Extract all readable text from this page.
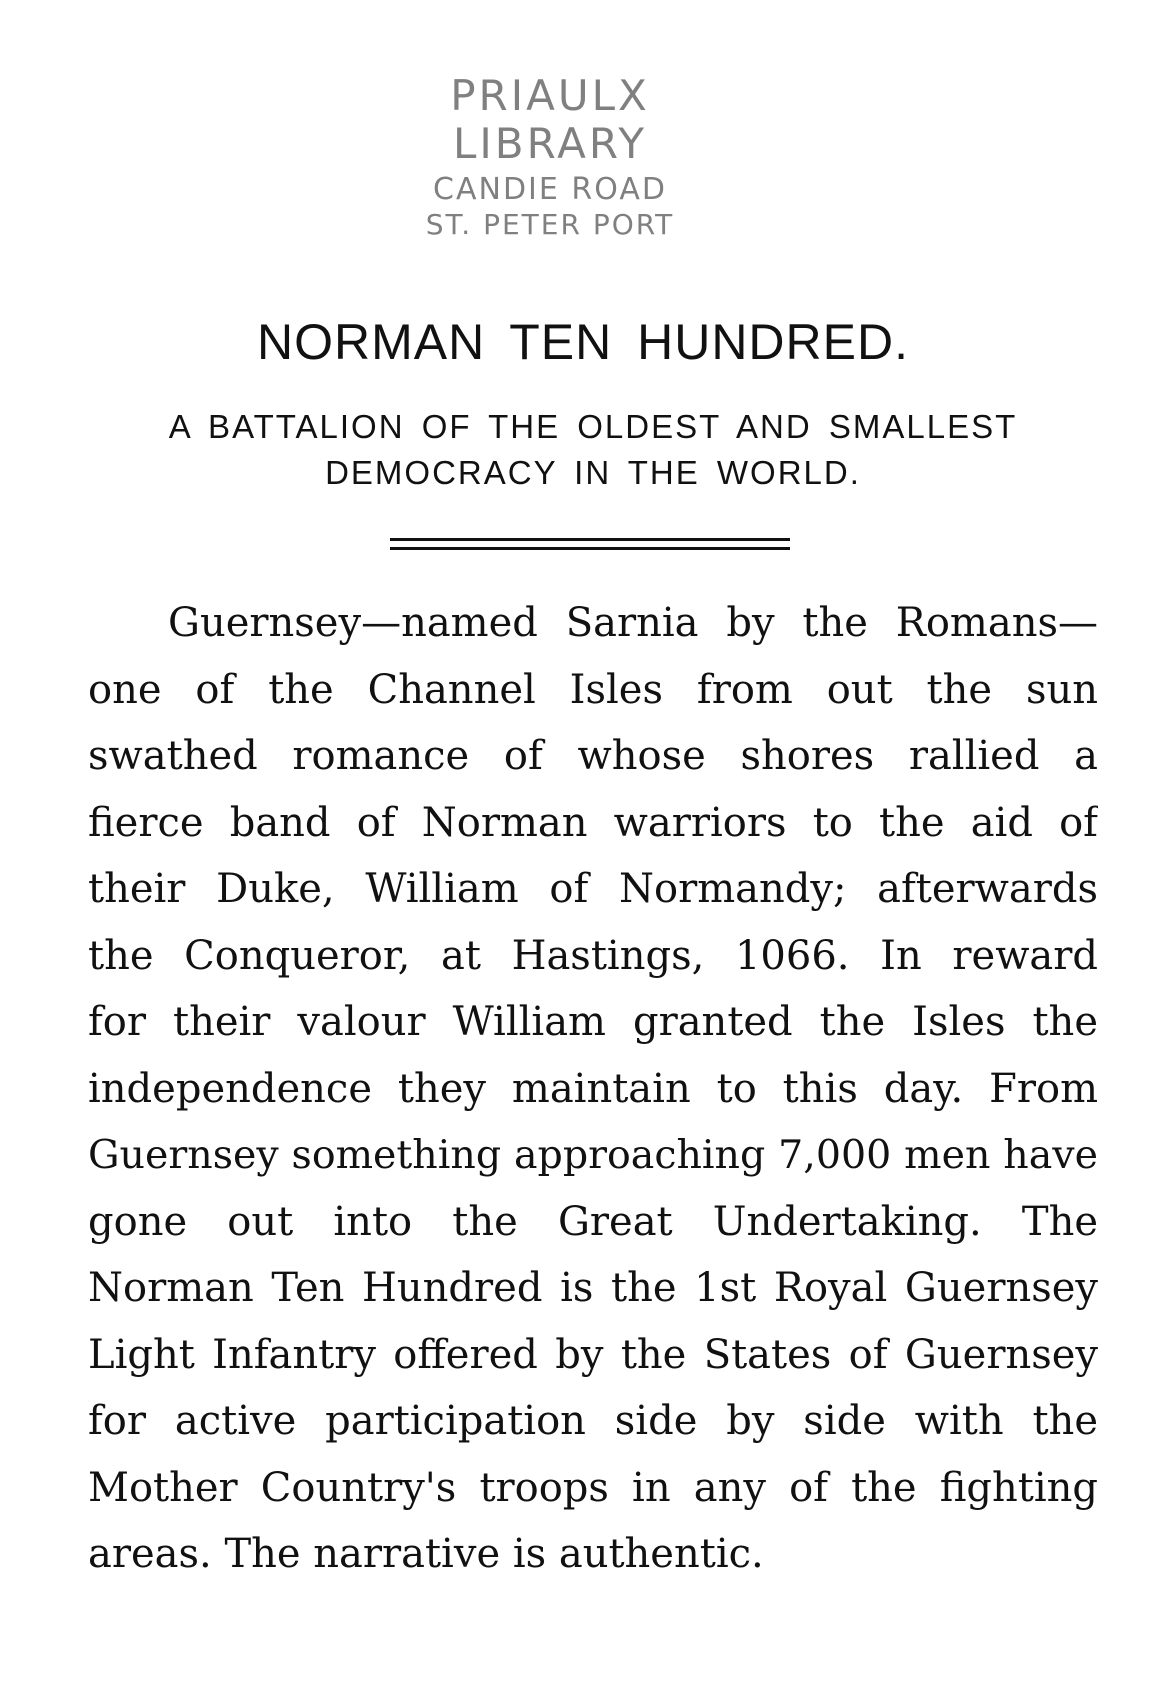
PRIAULX LIBRARY
CANDIE ROAD
ST. PETER PORT
NORMAN TEN HUNDRED.
A BATTALION OF THE OLDEST AND SMALLEST DEMOCRACY IN THE WORLD.
Guernsey—named Sarnia by the Romans—
one of the Channel Isles from out the sun
swathed romance of whose shores rallied a
fierce band of Norman warriors to the aid of
their Duke, William of Normandy; afterwards
the Conqueror, at Hastings, 1066. In reward
for their valour William granted the Isles the
independence they maintain to this day. From
Guernsey something approaching 7,000 men have
gone out into the Great Undertaking. The
Norman Ten Hundred is the 1st Royal Guernsey
Light Infantry offered by the States of Guernsey
for active participation side by side with the
Mother Country's troops in any of the fighting
areas. The narrative is authentic.
